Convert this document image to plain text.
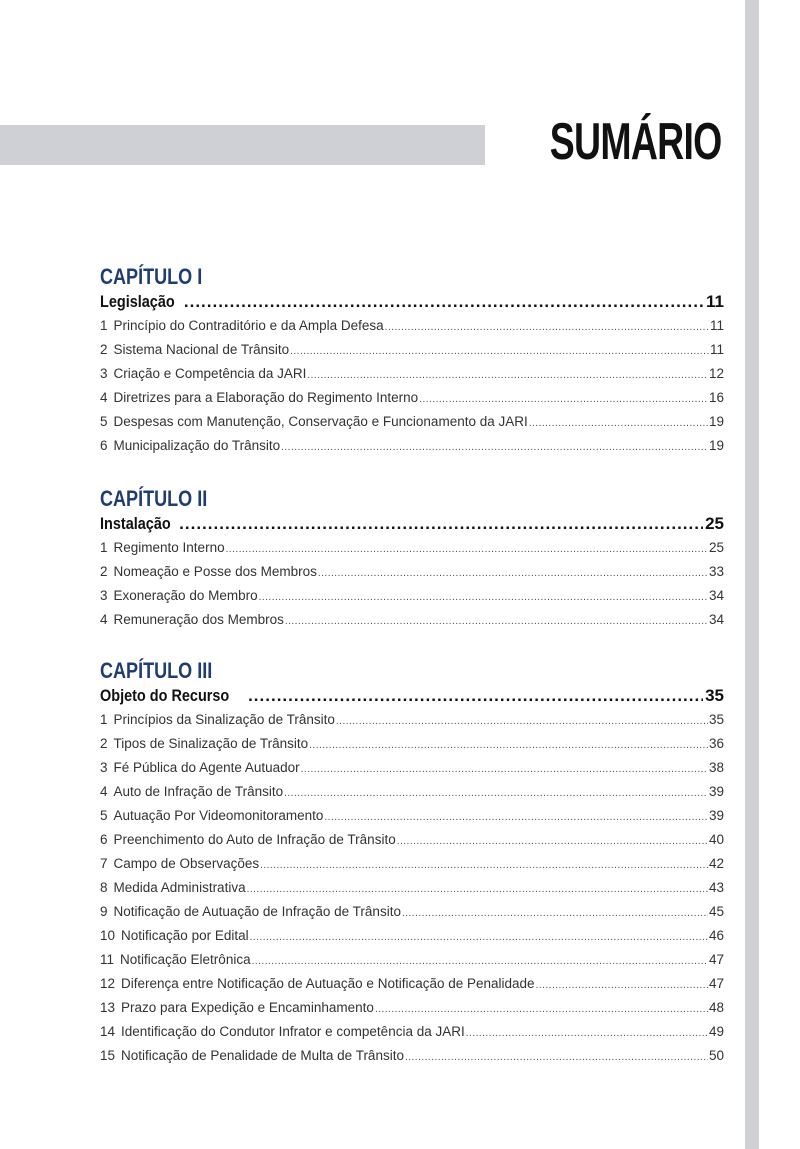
SUMÁRIO
CAPÍTULO I
Legislação .....	11
1 Princípio do Contraditório e da Ampla Defesa .....	11
2 Sistema Nacional de Trânsito .....	11
3 Criação e Competência da JARI .....	12
4 Diretrizes para a Elaboração do Regimento Interno .....	16
5 Despesas com Manutenção, Conservação e Funcionamento da JARI .....	19
6 Municipalização do Trânsito .....	19
CAPÍTULO II
Instalação .....	25
1 Regimento Interno .....	25
2 Nomeação e Posse dos Membros .....	33
3 Exoneração do Membro .....	34
4 Remuneração dos Membros .....	34
CAPÍTULO III
Objeto do Recurso .....	35
1 Princípios da Sinalização de Trânsito .....	35
2 Tipos de Sinalização de Trânsito .....	36
3 Fé Pública do Agente Autuador .....	38
4 Auto de Infração de Trânsito .....	39
5 Autuação Por Videomonitoramento .....	39
6 Preenchimento do Auto de Infração de Trânsito .....	40
7 Campo de Observações .....	42
8 Medida Administrativa .....	43
9 Notificação de Autuação de Infração de Trânsito .....	45
10 Notificação por Edital .....	46
11 Notificação Eletrônica .....	47
12 Diferença entre Notificação de Autuação e Notificação de Penalidade .....	47
13 Prazo para Expedição e Encaminhamento .....	48
14 Identificação do Condutor Infrator e competência da JARI .....	49
15 Notificação de Penalidade de Multa de Trânsito .....	50
